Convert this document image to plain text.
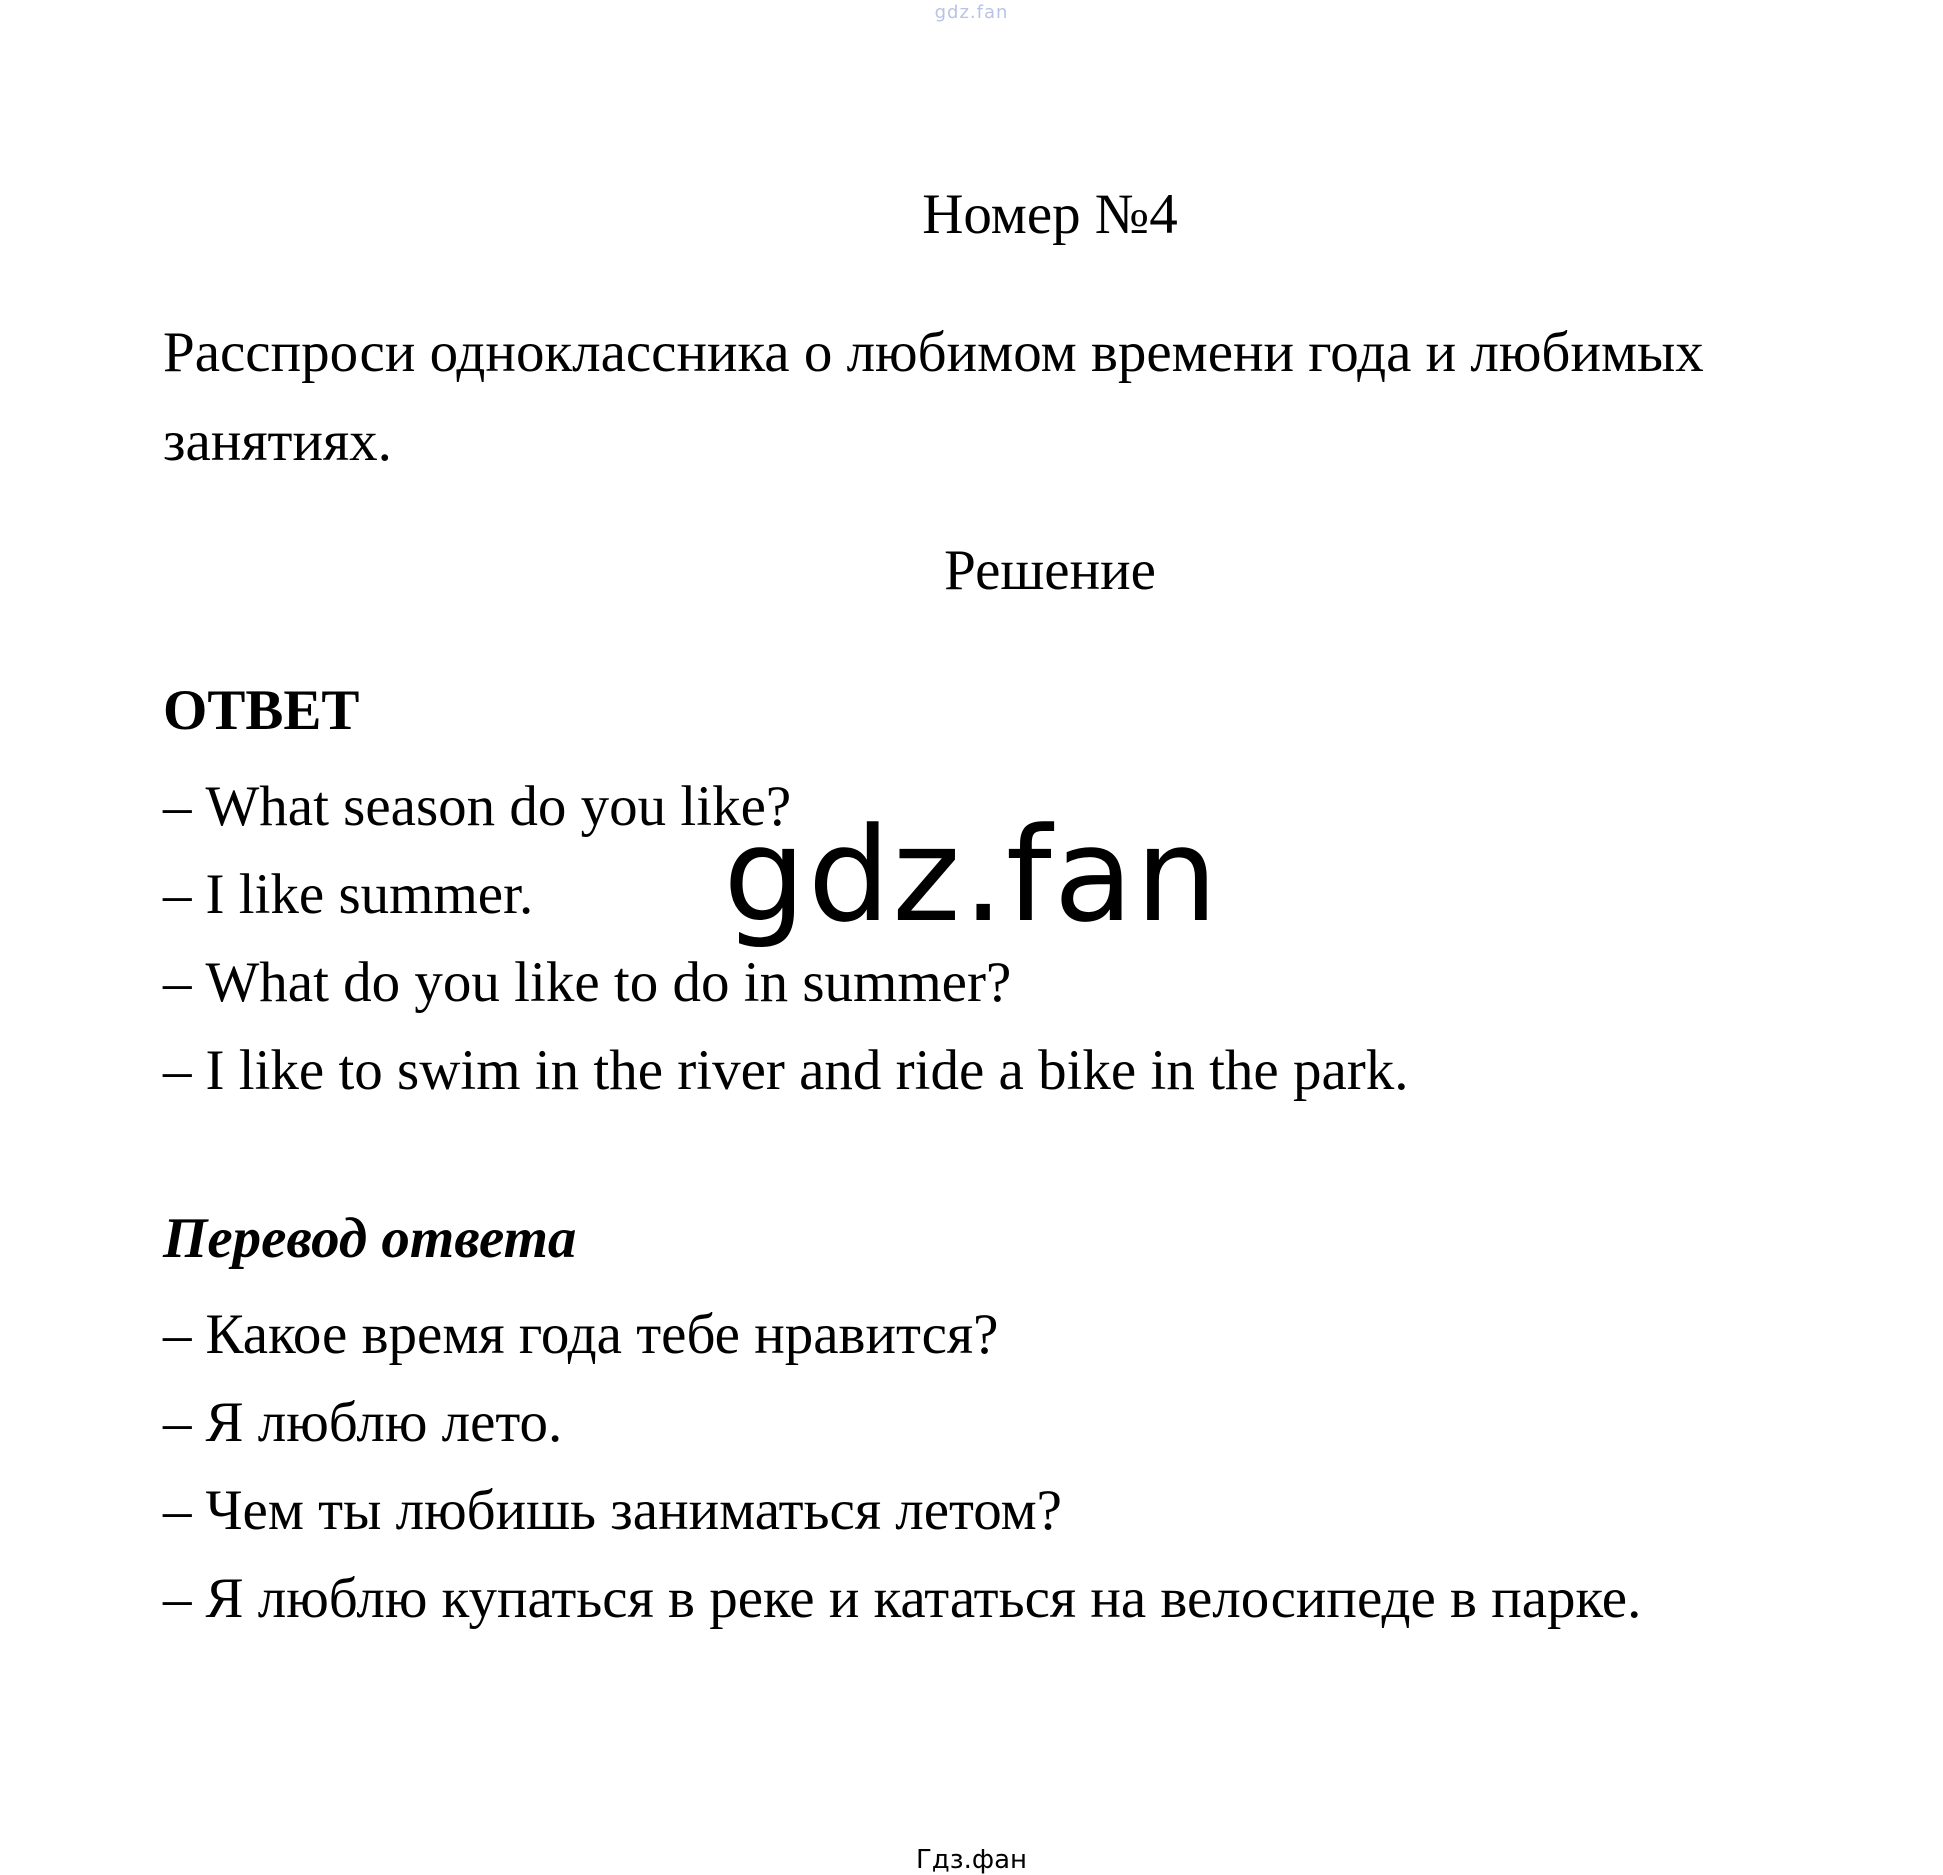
gdz.fan
Номер №4
Расспроси одноклассника о любимом времени года и любимых занятиях.
Решение
ОТВЕТ
– What season do you like?
– I like summer.
– What do you like to do in summer?
– I like to swim in the river and ride a bike in the park.
Перевод ответа
– Какое время года тебе нравится?
– Я люблю лето.
– Чем ты любишь заниматься летом?
– Я люблю купаться в реке и кататься на велосипеде в парке.
gdz.fan
Гдз.фан
